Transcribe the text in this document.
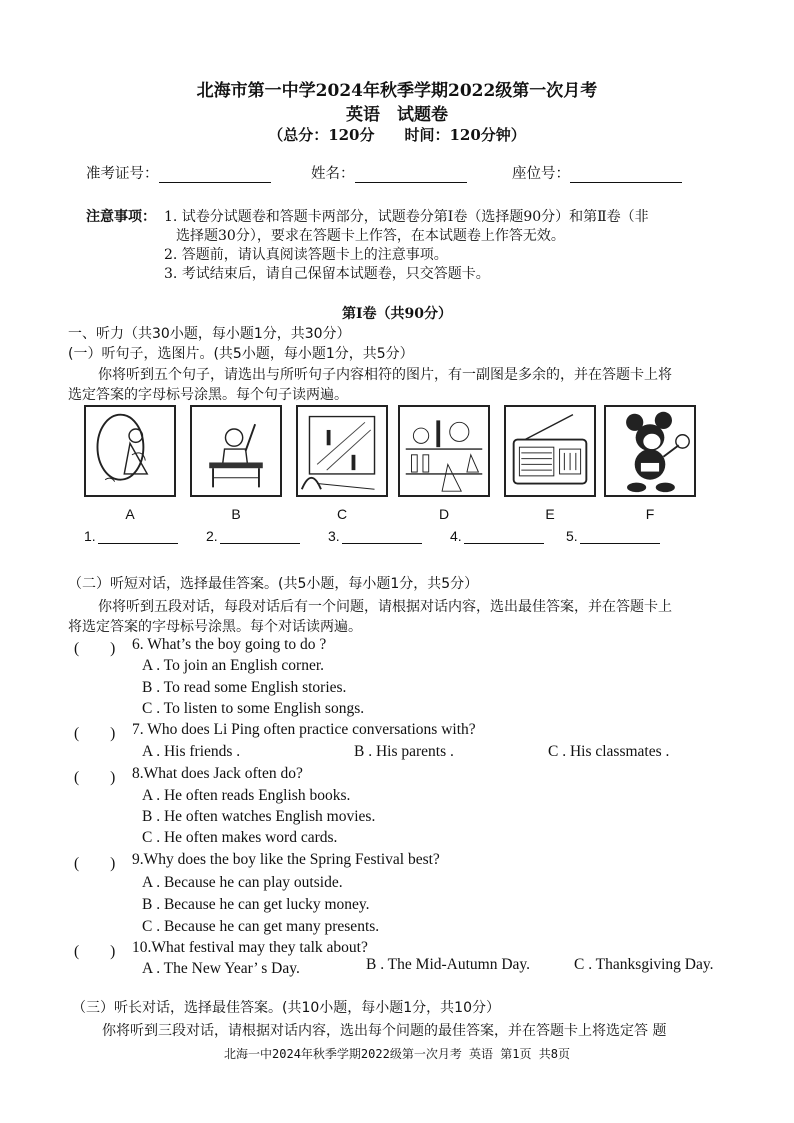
北海市第一中学2024年秋季学期2022级第一次月考
英语　试题卷
（总分：120分　　时间：120分钟）
准考证号：	姓名：	座位号：
注意事项： 1. 试卷分试题卷和答题卡两部分，试题卷分第Ⅰ卷（选择题90分）和第Ⅱ卷（非
选择题30分），要求在答题卡上作答，在本试题卷上作答无效。
2. 答题前，请认真阅读答题卡上的注意事项。
3. 考试结束后，请自己保留本试题卷，只交答题卡。
第Ⅰ卷（共90分）
一、听力（共30小题，每小题1分，共30分）
(一）听句子，选图片。(共5小题，每小题1分，共5分）
你将听到五个句子，请选出与所听句子内容相符的图片，有一副图是多余的，并在答题卡上将
选定答案的字母标号涂黑。每个句子读两遍。
A	B	C	D	E	F
1.	2.	3.	4.	5.
（二）听短对话，选择最佳答案。(共5小题，每小题1分，共5分）
你将听到五段对话，每段对话后有一个问题，请根据对话内容，选出最佳答案，并在答题卡上
将选定答案的字母标号涂黑。每个对话读两遍。
(　　) 6. What’s the boy going to do ?
A . To join an English corner.
B . To read some English stories.
C . To listen to some English songs.
(　　) 7. Who does Li Ping often practice conversations with?
A . His friends .	B . His parents .	C . His classmates .
(　　) 8.What does Jack often do?
A . He often reads English books.
B . He often watches English movies.
C . He often makes word cards.
(　　) 9.Why does the boy like the Spring Festival best?
A . Because he can play outside.
B . Because he can get lucky money.
C . Because he can get many presents.
(　　) 10.What festival may they talk about?
A . The New Year’ s Day.	B . The Mid-Autumn Day.	C . Thanksgiving Day.
（三）听长对话，选择最佳答案。(共10小题，每小题1分，共10分）
你将听到三段对话，请根据对话内容，选出每个问题的最佳答案，并在答题卡上将选定答 题
北海一中2024年秋季学期2022级第一次月考 英语 第1页 共8页
